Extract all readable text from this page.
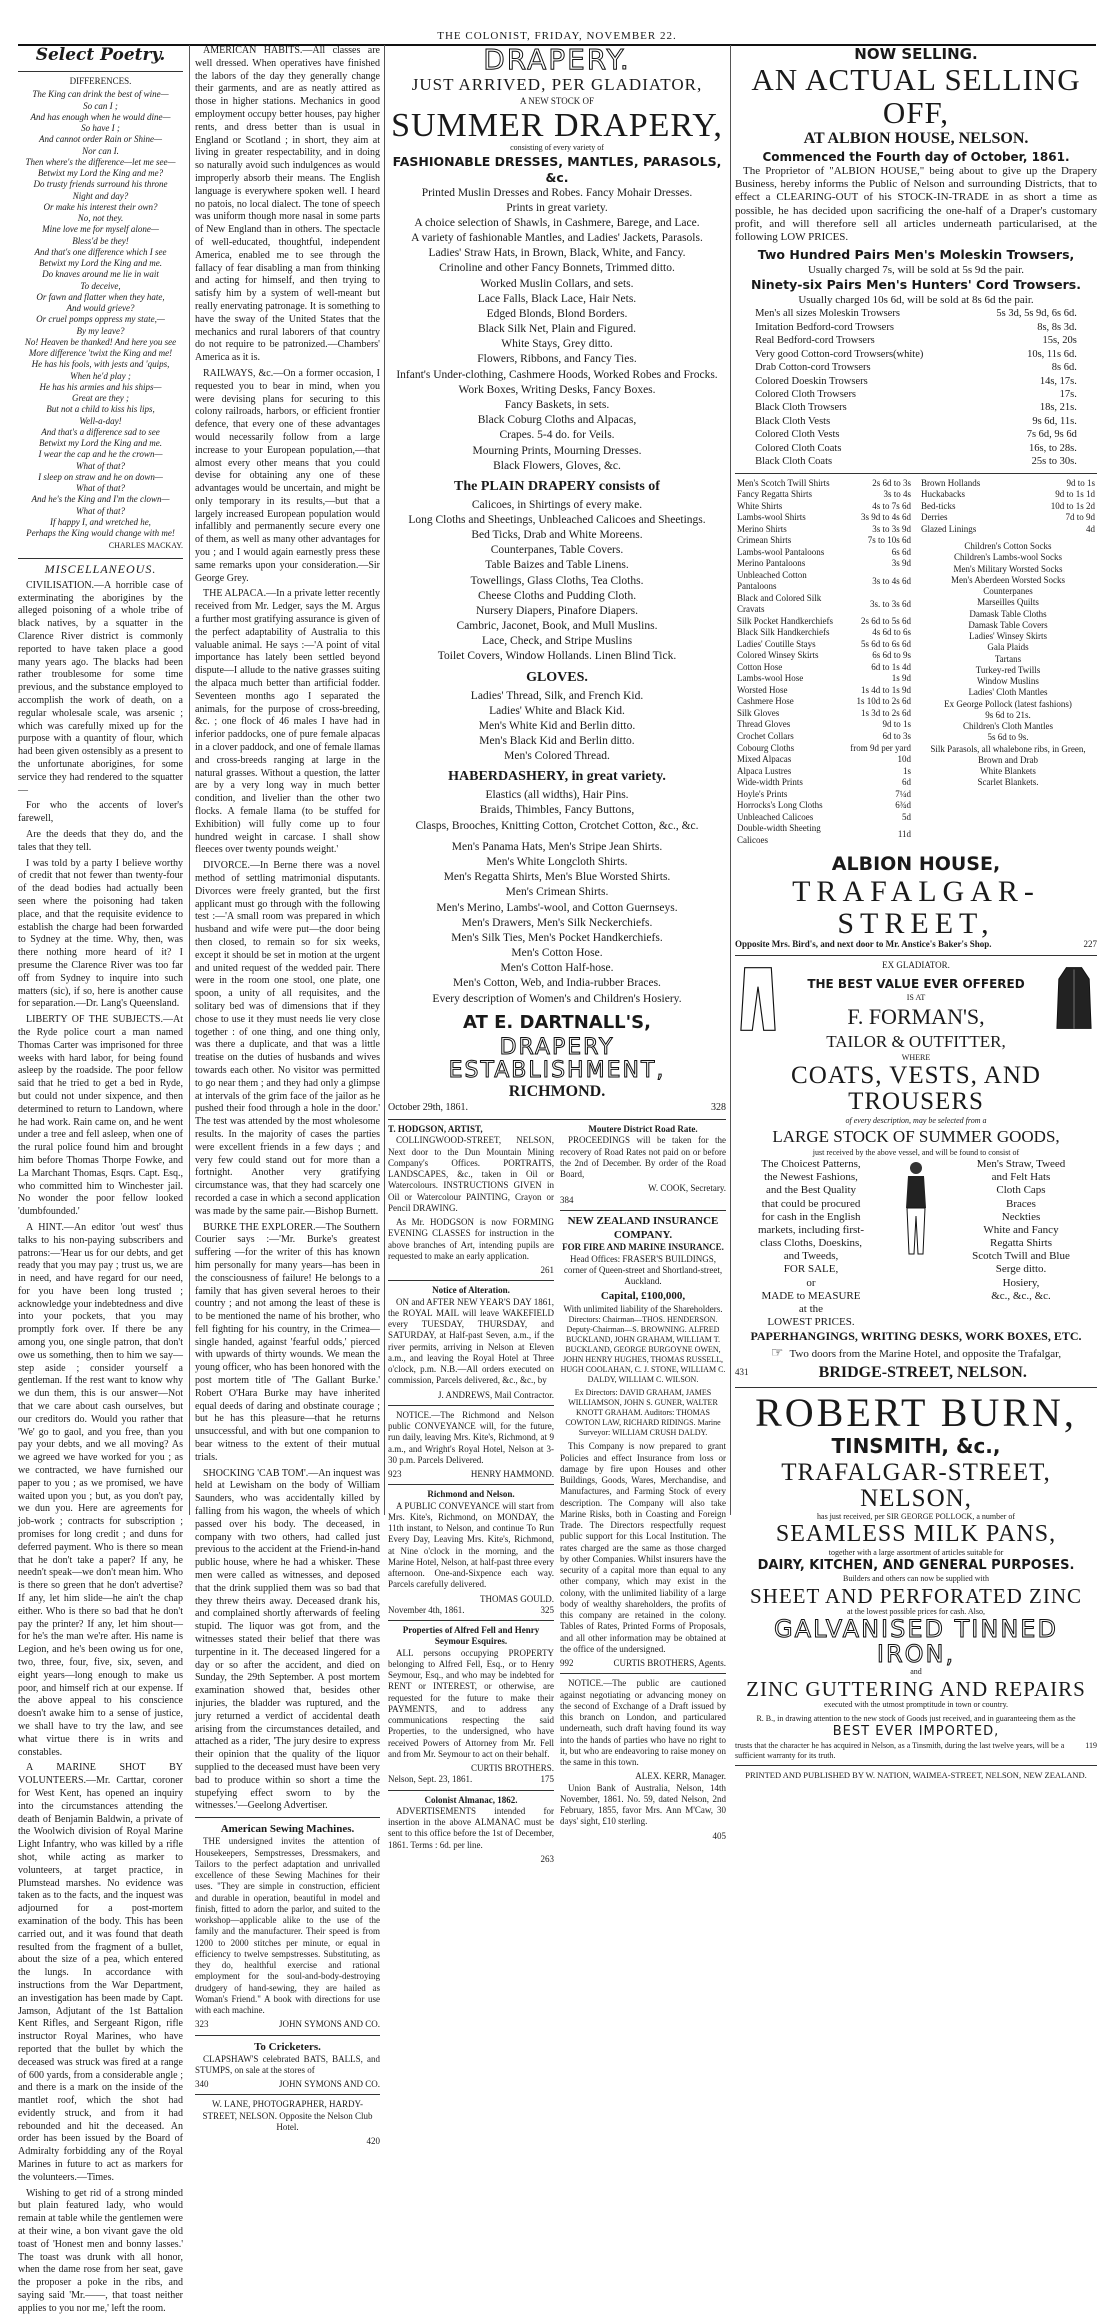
THE COLONIST, FRIDAY, NOVEMBER 22.
Select Poetry.
DIFFERENCES.
The King can drink the best of wine—
So can I ;
And has enough when he would dine—
So have I ;
And cannot order Rain or Shine—
Nor can I.
Then where's the difference—let me see—
Betwixt my Lord the King and me?
Do trusty friends surround his throne
Night and day?
Or make his interest their own?
No, not they.
Mine love me for myself alone—
Bless'd be they!
And that's one difference which I see
Betwixt my Lord the King and me.
Do knaves around me lie in wait
To deceive,
Or fawn and flatter when they hate,
And would grieve?
Or cruel pomps oppress my state,—
By my leave?
No! Heaven be thanked! And here you see
More difference 'twixt the King and me!
He has his fools, with jests and 'quips,
When he'd play ;
He has his armies and his ships—
Great are they ;
But not a child to kiss his lips,
Well-a-day!
And that's a difference sad to see
Betwixt my Lord the King and me.
I wear the cap and he the crown—
What of that?
I sleep on straw and he on down—
What of that?
And he's the King and I'm the clown—
What of that?
If happy I, and wretched he,
Perhaps the King would change with me!
CHARLES MACKAY.
MISCELLANEOUS.

CIVILISATION.—A horrible case of exterminating the aborigines by the alleged poisoning of a whole tribe of black natives, by a squatter in the Clarence River district is commonly reported to have taken place a good many years ago. The blacks had been rather troublesome for some time previous, and the substance employed to accomplish the work of death, on a regular wholesale scale, was arsenic ; which was carefully mixed up for the purpose with a quantity of flour, which had been given ostensibly as a present to the unfortunate aborigines, for some service they had rendered to the squatter—

For who the accents of lover's farewell,

Are the deeds that they do, and the tales that they tell.

I was told by a party I believe worthy of credit that not fewer than twenty-four of the dead bodies had actually been seen where the poisoning had taken place, and that the requisite evidence to establish the charge had been forwarded to Sydney at the time. Why, then, was there nothing more heard of it? I presume the Clarence River was too far off from Sydney to inquire into such matters (sic), if so, here is another cause for separation.—Dr. Lang's Queensland.

LIBERTY OF THE SUBJECTS.—At the Ryde police court a man named Thomas Carter was imprisoned for three weeks with hard labor, for being found asleep by the roadside. The poor fellow said that he tried to get a bed in Ryde, but could not under sixpence, and then determined to return to Landown, where he had work. Rain came on, and he went under a tree and fell asleep, when one of the rural police found him and brought him before Thomas Thorpe Fowke, and La Marchant Thomas, Esqrs. Capt. Esq., who committed him to Winchester jail. No wonder the poor fellow looked 'dumbfounded.'

A HINT.—An editor 'out west' thus talks to his non-paying subscribers and patrons:—'Hear us for our debts, and get ready that you may pay ; trust us, we are in need, and have regard for our need, for you have been long trusted ; acknowledge your indebtedness and dive into your pockets, that you may promptly fork over. If there be any among you, one single patron, that don't owe us something, then to him we say—step aside ; consider yourself a gentleman. If the rest want to know why we dun them, this is our answer—Not that we care about cash ourselves, but our creditors do. Would you rather that 'We' go to gaol, and you free, than you pay your debts, and we all moving? As we agreed we have worked for you ; as we contracted, we have furnished our paper to you ; as we promised, we have waited upon you ; but, as you don't pay, we dun you. Here are agreements for job-work ; contracts for subscription ; promises for long credit ; and duns for deferred payment. Who is there so mean that he don't take a paper? If any, he needn't speak—we don't mean him. Who is there so green that he don't advertise? If any, let him slide—he ain't the chap either. Who is there so bad that he don't pay the printer? If any, let him shout—for he's the man we're after. His name is Legion, and he's been owing us for one, two, three, four, five, six, seven, and eight years—long enough to make us poor, and himself rich at our expense. If the above appeal to his conscience doesn't awake him to a sense of justice, we shall have to try the law, and see what virtue there is in writs and constables.

A MARINE SHOT BY VOLUNTEERS.—Mr. Carttar, coroner for West Kent, has opened an inquiry into the circumstances attending the death of Benjamin Baldwin, a private of the Woolwich division of Royal Marine Light Infantry, who was killed by a rifle shot, while acting as marker to volunteers, at target practice, in Plumstead marshes. No evidence was taken as to the facts, and the inquest was adjourned for a post-mortem examination of the body. This has been carried out, and it was found that death resulted from the fragment of a bullet, about the size of a pea, which entered the lungs. In accordance with instructions from the War Department, an investigation has been made by Capt. Jamson, Adjutant of the 1st Battalion Kent Rifles, and Sergeant Rigon, rifle instructor Royal Marines, who have reported that the bullet by which the deceased was struck was fired at a range of 600 yards, from a considerable angle ; and there is a mark on the inside of the mantlet roof, which the shot had evidently struck, and from it had rebounded and hit the deceased. An order has been issued by the Board of Admiralty forbidding any of the Royal Marines in future to act as markers for the volunteers.—Times.

Wishing to get rid of a strong minded but plain featured lady, who would remain at table while the gentlemen were at their wine, a bon vivant gave the old toast of 'Honest men and bonny lasses.' The toast was drunk with all honor, when the dame rose from her seat, gave the proposer a poke in the ribs, and saying said 'Mr.——, that toast neither applies to you nor me,' left the room.

AMERICAN HABITS.—All classes are well dressed. When operatives have finished the labors of the day they generally change their garments, and are as neatly attired as those in higher stations. Mechanics in good employment occupy better houses, pay higher rents, and dress better than is usual in England or Scotland ; in short, they aim at living in greater respectability, and in doing so naturally avoid such indulgences as would improperly absorb their means. The English language is everywhere spoken well. I heard no patois, no local dialect. The tone of speech was uniform though more nasal in some parts of New England than in others. The spectacle of well-educated, thoughtful, independent America, enabled me to see through the fallacy of fear disabling a man from thinking and acting for himself, and then trying to satisfy him by a system of well-meant but really enervating patronage. It is something to have the sway of the United States that the mechanics and rural laborers of that country do not require to be patronized.—Chambers' America as it is.

RAILWAYS, &c.—On a former occasion, I requested you to bear in mind, when you were devising plans for securing to this colony railroads, harbors, or efficient frontier defence, that every one of these advantages would necessarily follow from a large increase to your European population,—that almost every other means that you could devise for obtaining any one of these advantages would be uncertain, and might be only temporary in its results,—but that a largely increased European population would infallibly and permanently secure every one of them, as well as many other advantages for you ; and I would again earnestly press these same remarks upon your consideration.—Sir George Grey.

THE ALPACA.—In a private letter recently received from Mr. Ledger, says the M. Argus a further most gratifying assurance is given of the perfect adaptability of Australia to this valuable animal. He says :—'A point of vital importance has lately been settled beyond dispute—I allude to the native grasses suiting the alpaca much better than artificial fodder. Seventeen months ago I separated the animals, for the purpose of cross-breeding, &c. ; one flock of 46 males I have had in inferior paddocks, one of pure female alpacas in a clover paddock, and one of female llamas and cross-breeds ranging at large in the natural grasses. Without a question, the latter are by a very long way in much better condition, and livelier than the other two flocks. A female llama (to be stuffed for Exhibition) will fully come up to four hundred weight in carcase. I shall show fleeces over twenty pounds weight.'

DIVORCE.—In Berne there was a novel method of settling matrimonial disputants. Divorces were freely granted, but the first applicant must go through with the following test :—'A small room was prepared in which husband and wife were put—the door being then closed, to remain so for six weeks, except it should be set in motion at the urgent and united request of the wedded pair. There were in the room one stool, one plate, one spoon, a unity of all requisites, and the solitary bed was of dimensions that if they chose to use it they must needs lie very close together : of one thing, and one thing only, was there a duplicate, and that was a little treatise on the duties of husbands and wives towards each other. No visitor was permitted to go near them ; and they had only a glimpse at intervals of the grim face of the jailor as he pushed their food through a hole in the door.' The test was attended by the most wholesome results. In the majority of cases the parties were excellent friends in a few days ; and very few could stand out for more than a fortnight. Another very gratifying circumstance was, that they had scarcely one recorded a case in which a second application was made by the same pair.—Bishop Burnett.

BURKE THE EXPLORER.—The Southern Courier says :—'Mr. Burke's greatest suffering —for the writer of this has known him personally for many years—has been in the consciousness of failure! He belongs to a family that has given several heroes to their country ; and not among the least of these is to be mentioned the name of his brother, who fell fighting for his country, in the Crimea—single handed, against 'fearful odds,' pierced with upwards of thirty wounds. We mean the young officer, who has been honored with the post mortem title of 'The Gallant Burke.' Robert O'Hara Burke may have inherited equal deeds of daring and obstinate courage ; but he has this pleasure—that he returns unsuccessful, and with but one companion to bear witness to the extent of their mutual trials.

SHOCKING 'CAB TOM'.—An inquest was held at Lewisham on the body of William Saunders, who was accidentally killed by falling from his wagon, the wheels of which passed over his body. The deceased, in company with two others, had called just previous to the accident at the Friend-in-hand public house, where he had a whisker. These men were called as witnesses, and deposed that the drink supplied them was so bad that they threw theirs away. Deceased drank his, and complained shortly afterwards of feeling stupid. The liquor was got from, and the witnesses stated their belief that there was turpentine in it. The deceased lingered for a day or so after the accident, and died on Sunday, the 29th September. A post mortem examination showed that, besides other injuries, the bladder was ruptured, and the jury returned a verdict of accidental death arising from the circumstances detailed, and attached as a rider, 'The jury desire to express their opinion that the quality of the liquor supplied to the deceased must have been very bad to produce within so short a time the stupefying effect sworn to by the witnesses.'—Geelong Advertiser.

American Sewing Machines.

THE undersigned invites the attention of Housekeepers, Sempstresses, Dressmakers, and Tailors to the perfect adaptation and unrivalled excellence of these Sewing Machines for their uses. "They are simple in construction, efficient and durable in operation, beautiful in model and finish, fitted to adorn the parlor, and suited to the workshop—applicable alike to the use of the family and the manufacturer. Their speed is from 1200 to 2000 stitches per minute, or equal in efficiency to twelve sempstresses. Substituting, as they do, healthful exercise and rational employment for the soul-and-body-destroying drudgery of hand-sewing, they are hailed as Woman's Friend." A book with directions for use with each machine.

323	JOHN SYMONS AND CO.
To Cricketers.

CLAPSHAW'S celebrated BATS, BALLS, and STUMPS, on sale at the stores of

340	JOHN SYMONS AND CO.

W. LANE, PHOTOGRAPHER, HARDY-STREET, NELSON. Opposite the Nelson Club Hotel.

420
DRAPERY.
JUST ARRIVED, PER GLADIATOR,
A NEW STOCK OF
SUMMER DRAPERY,
consisting of every variety of
FASHIONABLE DRESSES, MANTLES, PARASOLS, &c.
Printed Muslin Dresses and Robes. Fancy Mohair Dresses.
Prints in great variety.
A choice selection of Shawls, in Cashmere, Barege, and Lace.
A variety of fashionable Mantles, and Ladies' Jackets, Parasols.
Ladies' Straw Hats, in Brown, Black, White, and Fancy.
Crinoline and other Fancy Bonnets, Trimmed ditto.
Worked Muslin Collars, and sets.
Lace Falls, Black Lace, Hair Nets.
Edged Blonds, Blond Borders.
Black Silk Net, Plain and Figured.
White Stays, Grey ditto.
Flowers, Ribbons, and Fancy Ties.
Infant's Under-clothing, Cashmere Hoods, Worked Robes and Frocks.
Work Boxes, Writing Desks, Fancy Boxes.
Fancy Baskets, in sets.
Black Coburg Cloths and Alpacas,
Crapes. 5-4 do. for Veils.
Mourning Prints, Mourning Dresses.
Black Flowers, Gloves, &c.
The PLAIN DRAPERY consists of
Calicoes, in Shirtings of every make.
Long Cloths and Sheetings, Unbleached Calicoes and Sheetings.
Bed Ticks, Drab and White Moreens.
Counterpanes, Table Covers.
Table Baizes and Table Linens.
Towellings, Glass Cloths, Tea Cloths.
Cheese Cloths and Pudding Cloth.
Nursery Diapers, Pinafore Diapers.
Cambric, Jaconet, Book, and Mull Muslins.
Lace, Check, and Stripe Muslins
Toilet Covers, Window Hollands. Linen Blind Tick.
GLOVES.
Ladies' Thread, Silk, and French Kid.
Ladies' White and Black Kid.
Men's White Kid and Berlin ditto.
Men's Black Kid and Berlin ditto.
Men's Colored Thread.
HABERDASHERY, in great variety.
Elastics (all widths), Hair Pins.
Braids, Thimbles, Fancy Buttons,
Clasps, Brooches, Knitting Cotton, Crotchet Cotton, &c., &c.
Men's Panama Hats, Men's Stripe Jean Shirts.
Men's White Longcloth Shirts.
Men's Regatta Shirts, Men's Blue Worsted Shirts.
Men's Crimean Shirts.
Men's Merino, Lambs'-wool, and Cotton Guernseys.
Men's Drawers, Men's Silk Neckerchiefs.
Men's Silk Ties, Men's Pocket Handkerchiefs.
Men's Cotton Hose.
Men's Cotton Half-hose.
Men's Cotton, Web, and India-rubber Braces.
Every description of Women's and Children's Hosiery.
AT E. DARTNALL'S,
DRAPERY ESTABLISHMENT,
RICHMOND.
October 29th, 1861.	328
T. HODGSON, ARTIST,

COLLINGWOOD-STREET, NELSON, Next door to the Dun Mountain Mining Company's Offices. PORTRAITS, LANDSCAPES, &c., taken in Oil or Watercolours. INSTRUCTIONS GIVEN in Oil or Watercolour PAINTING, Crayon or Pencil DRAWING.

As Mr. HODGSON is now FORMING EVENING CLASSES for instruction in the above branches of Art, intending pupils are requested to make an early application.

261
Notice of Alteration.

ON and AFTER NEW YEAR'S DAY 1861, the ROYAL MAIL will leave WAKEFIELD every TUESDAY, THURSDAY, and SATURDAY, at Half-past Seven, a.m., if the river permits, arriving in Nelson at Eleven a.m., and leaving the Royal Hotel at Three o'clock, p.m. N.B.—All orders executed on commission, Parcels delivered, &c., &c., by

J. ANDREWS, Mail Contractor.

NOTICE.—The Richmond and Nelson public CONVEYANCE will, for the future, run daily, leaving Mrs. Kite's, Richmond, at 9 a.m., and Wright's Royal Hotel, Nelson at 3-30 p.m. Parcels Delivered.

923	HENRY HAMMOND.
Richmond and Nelson.

A PUBLIC CONVEYANCE will start from Mrs. Kite's, Richmond, on MONDAY, the 11th instant, to Nelson, and continue To Run Every Day, Leaving Mrs. Kite's, Richmond, at Nine o'clock in the morning, and the Marine Hotel, Nelson, at half-past three every afternoon. One-and-Sixpence each way. Parcels carefully delivered.

THOMAS GOULD.
November 4th, 1861.	325
Properties of Alfred Fell and Henry Seymour Esquires.

ALL persons occupying PROPERTY belonging to Alfred Fell, Esq., or to Henry Seymour, Esq., and who may be indebted for RENT or INTEREST, or otherwise, are requested for the future to make their PAYMENTS, and to address any communications respecting the said Properties, to the undersigned, who have received Powers of Attorney from Mr. Fell and from Mr. Seymour to act on their behalf.

CURTIS BROTHERS.
Nelson, Sept. 23, 1861.	175
Colonist Almanac, 1862.

ADVERTISEMENTS intended for insertion in the above ALMANAC must be sent to this office before the 1st of December, 1861. Terms : 6d. per line.

263
Moutere District Road Rate.

PROCEEDINGS will be taken for the recovery of Road Rates not paid on or before the 2nd of December. By order of the Road Board,

W. COOK, Secretary.
384
NEW ZEALAND INSURANCE COMPANY.
FOR FIRE AND MARINE INSURANCE.

Head Offices: FRASER'S BUILDINGS, corner of Queen-street and Shortland-street, Auckland.

Capital, £100,000,
With unlimited liability of the Shareholders.

Directors: Chairman—THOS. HENDERSON. Deputy-Chairman—S. BROWNING. ALFRED BUCKLAND, JOHN GRAHAM, WILLIAM T. BUCKLAND, GEORGE BURGOYNE OWEN, JOHN HENRY HUGHES, THOMAS RUSSELL, HUGH COOLAHAN, C. J. STONE, WILLIAM C. DALDY, WILLIAM C. WILSON.

Ex Directors: DAVID GRAHAM, JAMES WILLIAMSON, JOHN S. GUNER, WALTER KNOTT GRAHAM. Auditors: THOMAS COWTON LAW, RICHARD RIDINGS. Marine Surveyor: WILLIAM CRUSH DALDY.

This Company is now prepared to grant Policies and effect Insurance from loss or damage by fire upon Houses and other Buildings, Goods, Wares, Merchandise, and Manufactures, and Farming Stock of every description. The Company will also take Marine Risks, both in Coasting and Foreign Trade. The Directors respectfully request public support for this Local Institution. The rates charged are the same as those charged by other Companies. Whilst insurers have the security of a capital more than equal to any other company, which may exist in the colony, with the unlimited liability of a large body of wealthy shareholders, the profits of this company are retained in the colony. Tables of Rates, Printed Forms of Proposals, and all other information may be obtained at the office of the undersigned.

992	CURTIS BROTHERS, Agents.

NOTICE.—The public are cautioned against negotiating or advancing money on the second of Exchange of a Draft issued by this branch on London, and particulared underneath, such draft having found its way into the hands of parties who have no right to it, but who are endeavoring to raise money on the same in this town.

ALEX. KERR, Manager.

Union Bank of Australia, Nelson, 14th November, 1861. No. 59, dated Nelson, 2nd February, 1855, favor Mrs. Ann M'Caw, 30 days' sight, £10 sterling.

405
NOW SELLING.
AN ACTUAL SELLING OFF,
AT ALBION HOUSE, NELSON.
Commenced the Fourth day of October, 1861.

The Proprietor of "ALBION HOUSE," being about to give up the Drapery Business, hereby informs the Public of Nelson and surrounding Districts, that to effect a CLEARING-OUT of his STOCK-IN-TRADE in as short a time as possible, he has decided upon sacrificing the one-half of a Draper's customary profit, and will therefore sell all articles underneath particularised, at the following LOW PRICES.

Two Hundred Pairs Men's Moleskin Trowsers,
Usually charged 7s, will be sold at 5s 9d the pair.
Ninety-six Pairs Men's Hunters' Cord Trowsers.
Usually charged 10s 6d, will be sold at 8s 6d the pair.
Men's all sizes Moleskin Trowsers	5s 3d, 5s 9d, 6s 6d.
Imitation Bedford-cord Trowsers	8s, 8s 3d.
Real Bedford-cord Trowsers	15s, 20s
Very good Cotton-cord Trowsers(white)	10s, 11s 6d.
Drab Cotton-cord Trowsers	8s 6d.
Colored Doeskin Trowsers	14s, 17s.
Colored Cloth Trowsers	17s.
Black Cloth Trowsers	18s, 21s.
Black Cloth Vests	9s 6d, 11s.
Colored Cloth Vests	7s 6d, 9s 6d
Colored Cloth Coats	16s, to 28s.
Black Cloth Coats	25s to 30s.
Men's Scotch Twill Shirts	2s 6d to 3s
Fancy Regatta Shirts	3s to 4s
White Shirts	4s to 7s 6d
Lambs-wool Shirts	3s 9d to 4s 6d
Merino Shirts	3s to 3s 9d
Crimean Shirts	7s to 10s 6d
Lambs-wool Pantaloons	6s 6d
Merino Pantaloons	3s 9d
Unbleached Cotton Pantaloons	3s to 4s 6d
Black and Colored Silk Cravats	3s. to 3s 6d
Silk Pocket Handkerchiefs	2s 6d to 5s 6d
Black Silk Handkerchiefs	4s 6d to 6s
Ladies' Coutille Stays	5s 6d to 6s 6d
Colored Winsey Skirts	6s 6d to 9s
Cotton Hose	6d to 1s 4d
Lambs-wool Hose	1s 9d
Worsted Hose	1s 4d to 1s 9d
Cashmere Hose	1s 10d to 2s 6d
Silk Gloves	1s 3d to 2s 6d
Thread Gloves	9d to 1s
Crochet Collars	6d to 3s
Cobourg Cloths	from 9d per yard
Mixed Alpacas	10d
Alpaca Lustres	1s
Wide-width Prints	6d
Hoyle's Prints	7¼d
Horrocks's Long Cloths	6¾d
Unbleached Calicoes	5d
Double-width Sheeting Calicoes	11d
Brown Hollands	9d to 1s
Huckabacks	9d to 1s 1d
Bed-ticks	10d to 1s 2d
Derries	7d to 9d
Glazed Linings	4d
Children's Cotton Socks
Children's Lambs-wool Socks
Men's Military Worsted Socks
Men's Aberdeen Worsted Socks
Counterpanes
Marseilles Quilts
Damask Table Cloths
Damask Table Covers
Ladies' Winsey Skirts
Gala Plaids
Tartans
Turkey-red Twills
Window Muslins
Ladies' Cloth Mantles
Ex George Pollock (latest fashions)
9s 6d to 21s.
Children's Cloth Mantles
5s 6d to 9s.
Silk Parasols, all whalebone ribs, in Green,
Brown and Drab
White Blankets
Scarlet Blankets.
ALBION HOUSE,
TRAFALGAR-STREET,
Opposite Mrs. Bird's, and next door to Mr. Anstice's Baker's Shop.	227
EX GLADIATOR.
THE BEST VALUE EVER OFFERED
IS AT
F. FORMAN'S,
TAILOR & OUTFITTER,
WHERE
COATS, VESTS, AND TROUSERS
of every description, may be selected from a
LARGE STOCK OF SUMMER GOODS,
just received by the above vessel, and will be found to consist of
The Choicest Patterns,
the Newest Fashions,
and the Best Quality
that could be procured
for cash in the English
markets, including first-
class Cloths, Doeskins,
and Tweeds,
FOR SALE,
or
MADE to MEASURE
at the
LOWEST PRICES.
Men's Straw, Tweed
and Felt Hats
Cloth Caps
Braces
Neckties
White and Fancy
Regatta Shirts
Scotch Twill and Blue
Serge ditto.
Hosiery,
&c., &c., &c.
PAPERHANGINGS, WRITING DESKS, WORK BOXES, ETC.
☞ Two doors from the Marine Hotel, and opposite the Trafalgar,
431	BRIDGE-STREET, NELSON.
ROBERT BURN,
TINSMITH, &c.,
TRAFALGAR-STREET, NELSON,
has just received, per SIR GEORGE POLLOCK, a number of
SEAMLESS MILK PANS,
together with a large assortment of articles suitable for
DAIRY, KITCHEN, AND GENERAL PURPOSES.
Builders and others can now be supplied with
SHEET AND PERFORATED ZINC
at the lowest possible prices for cash. Also,
GALVANISED TINNED IRON,
and
ZINC GUTTERING AND REPAIRS
executed with the utmost promptitude in town or country.
R. B., in drawing attention to the new stock of Goods just received, and in guaranteeing them as the
BEST EVER IMPORTED,
trusts that the character he has acquired in Nelson, as a Tinsmith, during the last twelve years, will be a sufficient warranty for its truth.
119
PRINTED AND PUBLISHED BY W. NATION, WAIMEA-STREET, NELSON, NEW ZEALAND.
